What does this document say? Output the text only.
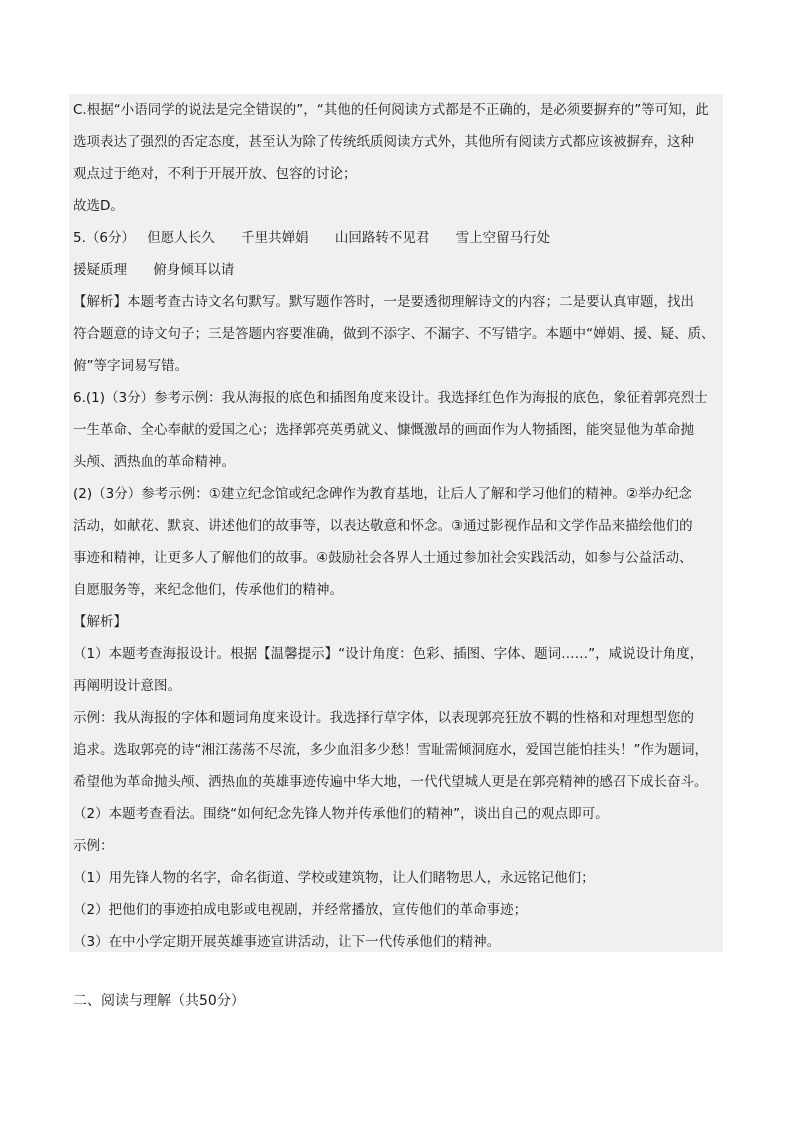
C.根据“小语同学的说法是完全错误的”，“其他的任何阅读方式都是不正确的，是必须要摒弃的”等可知，此
选项表达了强烈的否定态度，甚至认为除了传统纸质阅读方式外，其他所有阅读方式都应该被摒弃，这种
观点过于绝对，不利于开展开放、包容的讨论；
故选D。
5.（6分） 但愿人长久 千里共婵娟 山回路转不见君 雪上空留马行处
援疑质理 俯身倾耳以请
【解析】本题考查古诗文名句默写。默写题作答时，一是要透彻理解诗文的内容；二是要认真审题，找出
符合题意的诗文句子；三是答题内容要准确，做到不添字、不漏字、不写错字。本题中“婵娟、援、疑、质、
俯”等字词易写错。
6.(1)（3分）参考示例：我从海报的底色和插图角度来设计。我选择红色作为海报的底色，象征着郭亮烈士
一生革命、全心奉献的爱国之心；选择郭亮英勇就义、慷慨激昂的画面作为人物插图，能突显他为革命抛
头颅、洒热血的革命精神。
(2)（3分）参考示例：①建立纪念馆或纪念碑作为教育基地，让后人了解和学习他们的精神。②举办纪念
活动，如献花、默哀、讲述他们的故事等，以表达敬意和怀念。③通过影视作品和文学作品来描绘他们的
事迹和精神，让更多人了解他们的故事。④鼓励社会各界人士通过参加社会实践活动，如参与公益活动、
自愿服务等，来纪念他们，传承他们的精神。
【解析】
（1）本题考查海报设计。根据【温馨提示】“设计角度：色彩、插图、字体、题词……”，咸说设计角度，
再阐明设计意图。
示例：我从海报的字体和题词角度来设计。我选择行草字体，以表现郭亮狂放不羁的性格和对理想型您的
追求。选取郭亮的诗“湘江荡荡不尽流，多少血泪多少愁！雪耻需倾洞庭水，爱国岂能怕挂头！”作为题词，
希望他为革命抛头颅、洒热血的英雄事迹传遍中华大地，一代代望城人更是在郭亮精神的感召下成长奋斗。
（2）本题考查看法。围绕“如何纪念先锋人物并传承他们的精神”，谈出自己的观点即可。
示例：
（1）用先锋人物的名字，命名街道、学校或建筑物，让人们睹物思人，永远铭记他们；
（2）把他们的事迹拍成电影或电视剧，并经常播放，宣传他们的革命事迹；
（3）在中小学定期开展英雄事迹宣讲活动，让下一代传承他们的精神。
二、阅读与理解（共50分）
